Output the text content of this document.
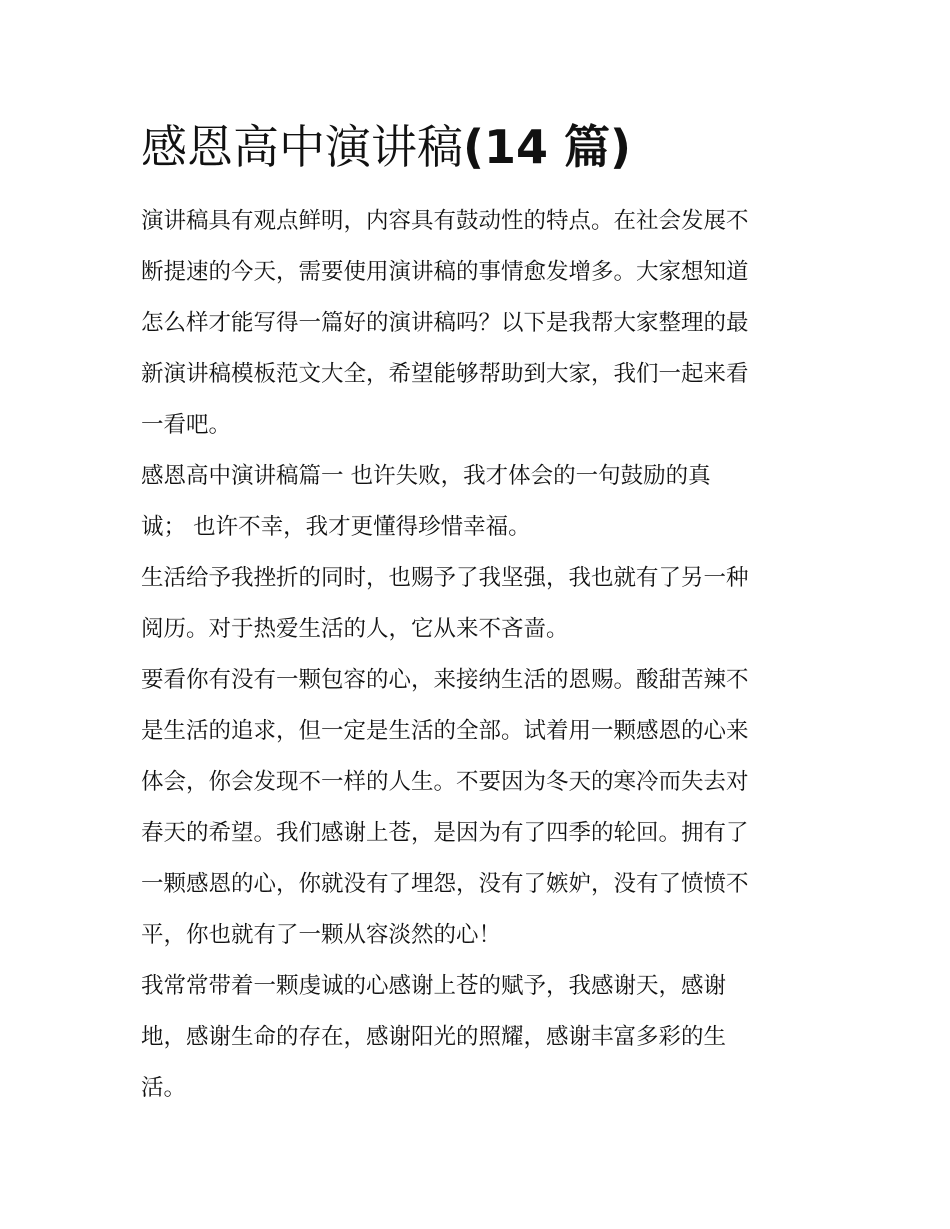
感恩高中演讲稿(14 篇)
演讲稿具有观点鲜明，内容具有鼓动性的特点。在社会发展不
断提速的今天，需要使用演讲稿的事情愈发增多。大家想知道
怎么样才能写得一篇好的演讲稿吗？以下是我帮大家整理的最
新演讲稿模板范文大全，希望能够帮助到大家，我们一起来看
一看吧。
感恩高中演讲稿篇一 也许失败，我才体会的一句鼓励的真
诚； 也许不幸，我才更懂得珍惜幸福。
生活给予我挫折的同时，也赐予了我坚强，我也就有了另一种
阅历。对于热爱生活的人，它从来不吝啬。
要看你有没有一颗包容的心，来接纳生活的恩赐。酸甜苦辣不
是生活的追求，但一定是生活的全部。试着用一颗感恩的心来
体会，你会发现不一样的人生。不要因为冬天的寒冷而失去对
春天的希望。我们感谢上苍，是因为有了四季的轮回。拥有了
一颗感恩的心，你就没有了埋怨，没有了嫉妒，没有了愤愤不
平，你也就有了一颗从容淡然的心！
我常常带着一颗虔诚的心感谢上苍的赋予，我感谢天，感谢
地，感谢生命的存在，感谢阳光的照耀，感谢丰富多彩的生
活。
